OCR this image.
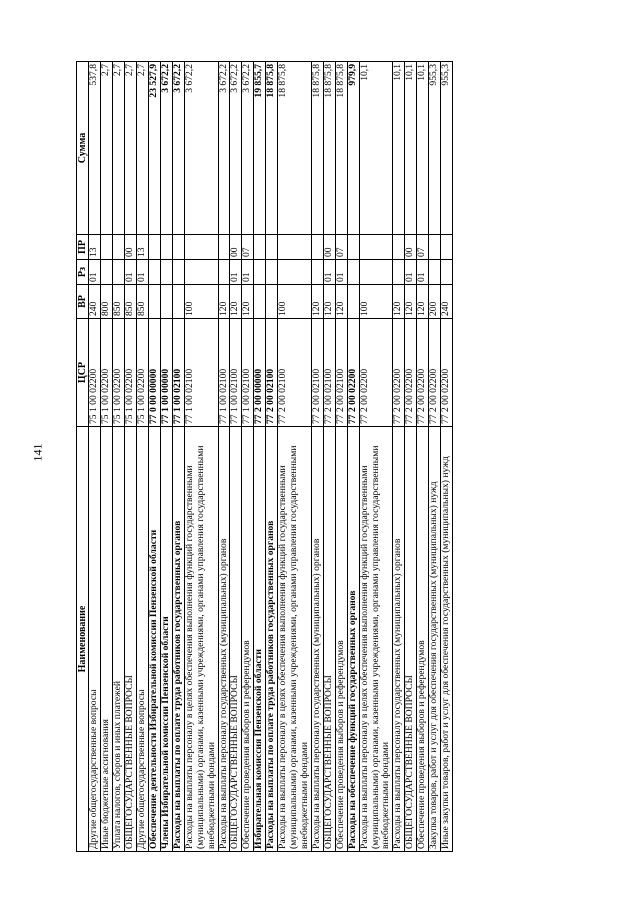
141
Наименование	ЦСР	ВР	Рз	ПР	Сумма
Другие общегосударственные вопросы	75 1 00 02200	240	01	13	537,8
Иные бюджетные ассигнования	75 1 00 02200	800			2,7
Уплата налогов, сборов и иных платежей	75 1 00 02200	850			2,7
ОБЩЕГОСУДАРСТВЕННЫЕ ВОПРОСЫ	75 1 00 02200	850	01	00	2,7
Другие общегосударственные вопросы	75 1 00 02200	850	01	13	2,7
Обеспечение деятельности Избирательной комиссии Пензенской области	77 0 00 00000				23 527,9
Члены Избирательной комиссии Пензенской области	77 1 00 00000				3 672,2
Расходы на выплаты по оплате труда работников государственных органов	77 1 00 02100				3 672,2
Расходы на выплаты персоналу в целях обеспечения выполнения функций государственными (муниципальными) органами, казенными учреждениями, органами управления государственными внебюджетными фондами	77 1 00 02100	100			3 672,2
Расходы на выплаты персоналу государственных (муниципальных) органов	77 1 00 02100	120			3 672,2
ОБЩЕГОСУДАРСТВЕННЫЕ ВОПРОСЫ	77 1 00 02100	120	01	00	3 672,2
Обеспечение проведения выборов и референдумов	77 1 00 02100	120	01	07	3 672,2
Избирательная комиссия Пензенской области	77 2 00 00000				19 855,7
Расходы на выплаты по оплате труда работников государственных органов	77 2 00 02100				18 875,8
Расходы на выплаты персоналу в целях обеспечения выполнения функций государственными (муниципальными) органами, казенными учреждениями, органами управления государственными внебюджетными фондами	77 2 00 02100	100			18 875,8
Расходы на выплаты персоналу государственных (муниципальных) органов	77 2 00 02100	120			18 875,8
ОБЩЕГОСУДАРСТВЕННЫЕ ВОПРОСЫ	77 2 00 02100	120	01	00	18 875,8
Обеспечение проведения выборов и референдумов	77 2 00 02100	120	01	07	18 875,8
Расходы на обеспечение функций государственных органов	77 2 00 02200				979,9
Расходы на выплаты персоналу в целях обеспечения выполнения функций государственными (муниципальными) органами, казенными учреждениями, органами управления государственными внебюджетными фондами	77 2 00 02200	100			10,1
Расходы на выплаты персоналу государственных (муниципальных) органов	77 2 00 02200	120			10,1
ОБЩЕГОСУДАРСТВЕННЫЕ ВОПРОСЫ	77 2 00 02200	120	01	00	10,1
Обеспечение проведения выборов и референдумов	77 2 00 02200	120	01	07	10,1
Закупка товаров, работ и услуг для обеспечения государственных (муниципальных) нужд	77 2 00 02200	200			955,3
Иные закупки товаров, работ и услуг для обеспечения государственных (муниципальных) нужд	77 2 00 02200	240			955,3
